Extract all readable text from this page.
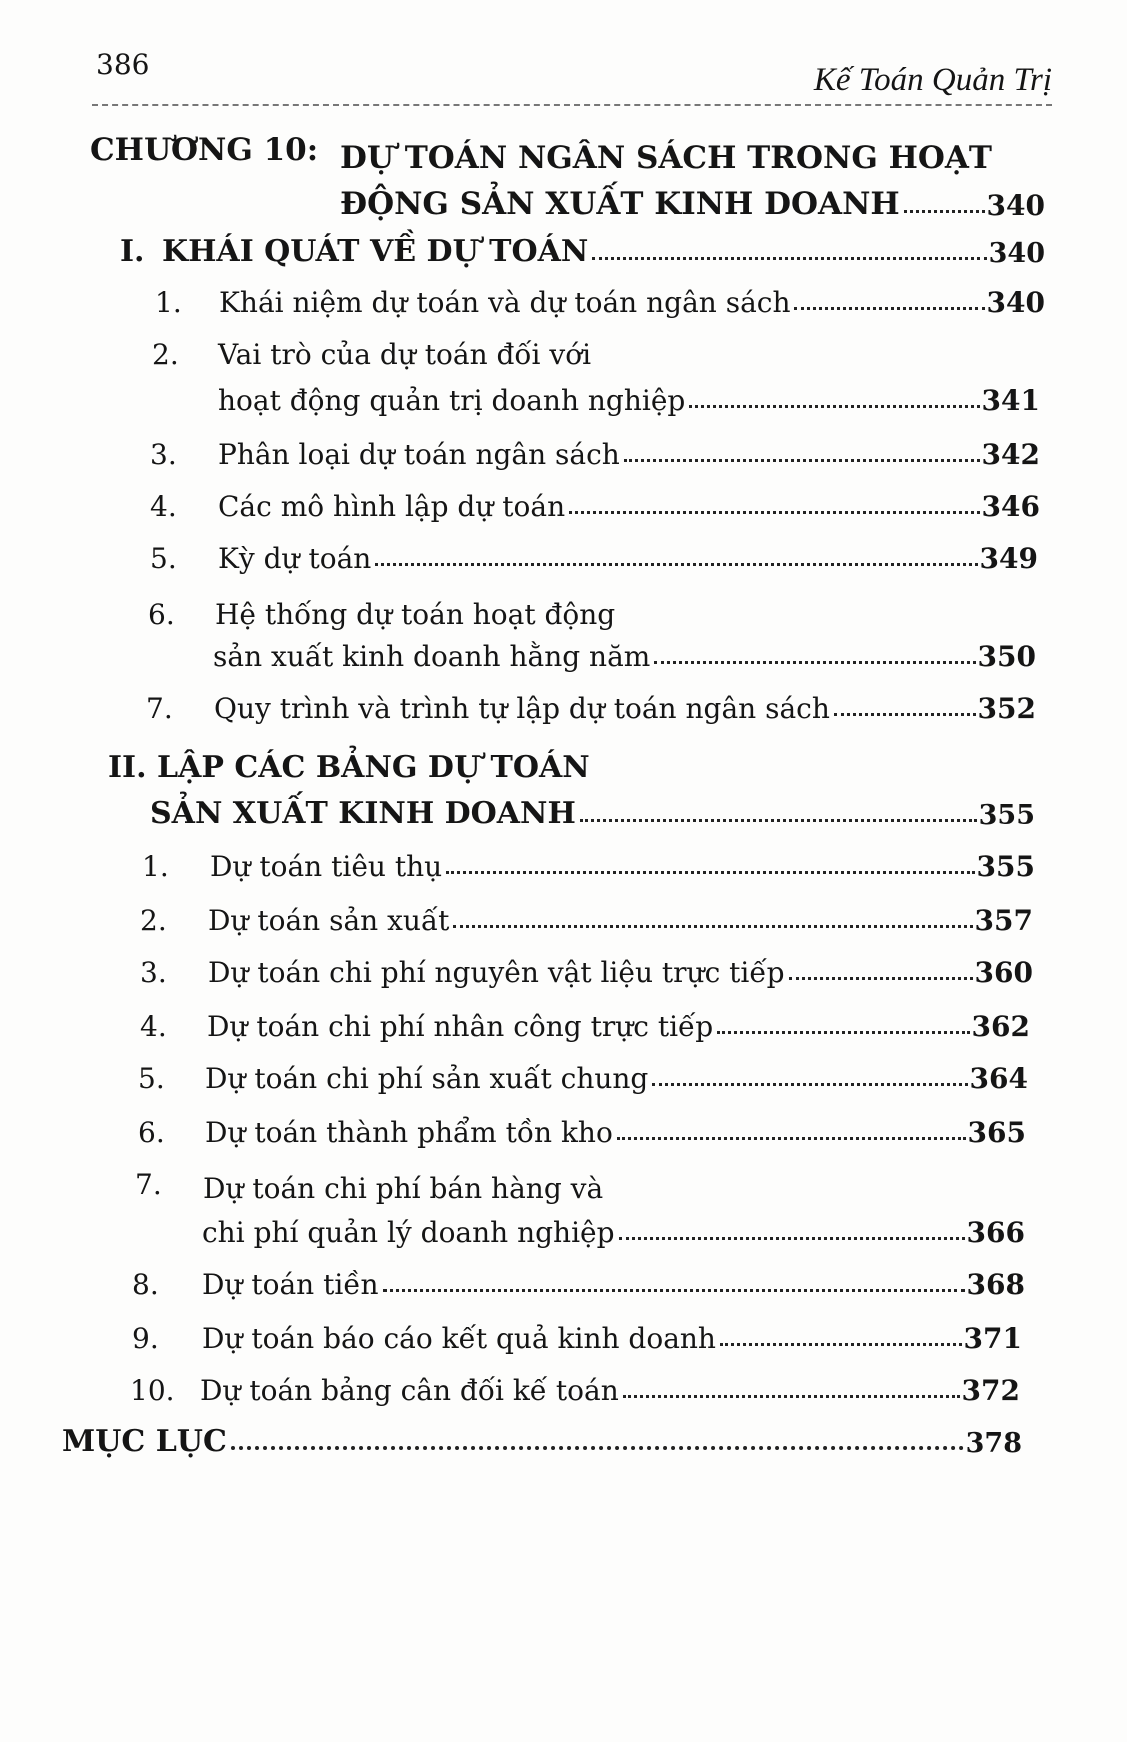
386	Kế Toán Quản Trị
CHƯƠNG 10: DỰ TOÁN NGÂN SÁCH TRONG HOẠT
ĐỘNG SẢN XUẤT KINH DOANH	340
I. KHÁI QUÁT VỀ DỰ TOÁN	340
1.	Khái niệm dự toán và dự toán ngân sách	340
2. Vai trò của dự toán đối với
hoạt động quản trị doanh nghiệp	341
3.	Phân loại dự toán ngân sách	342
4.	Các mô hình lập dự toán	346
5.	Kỳ dự toán	349
6. Hệ thống dự toán hoạt động
sản xuất kinh doanh hằng năm	350
7.	Quy trình và trình tự lập dự toán ngân sách	352
II. LẬP CÁC BẢNG DỰ TOÁN
SẢN XUẤT KINH DOANH	355
1.	Dự toán tiêu thụ	355
2.	Dự toán sản xuất	357
3.	Dự toán chi phí nguyên vật liệu trực tiếp	360
4.	Dự toán chi phí nhân công trực tiếp	362
5.	Dự toán chi phí sản xuất chung	364
6.	Dự toán thành phẩm tồn kho	365
7. Dự toán chi phí bán hàng và
chi phí quản lý doanh nghiệp	366
8.	Dự toán tiền	368
9.	Dự toán báo cáo kết quả kinh doanh	371
10. Dự toán bảng cân đối kế toán	372
MỤC LỤC	378
